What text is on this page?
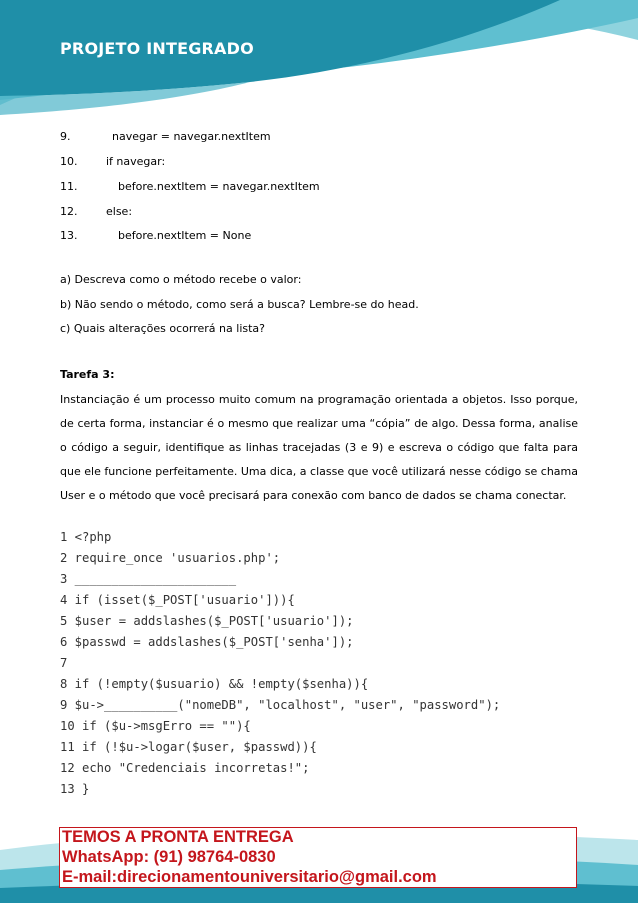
PROJETO INTEGRADO
9.	navegar = navegar.nextItem
10.	if navegar:
11.	before.nextItem = navegar.nextItem
12.	else:
13.	before.nextItem = None
a) Descreva como o método recebe o valor:
b) Não sendo o método, como será a busca? Lembre-se do head.
c) Quais alterações ocorrerá na lista?
Tarefa 3:
Instanciação é um processo muito comum na programação orientada a objetos. Isso porque, de certa forma, instanciar é o mesmo que realizar uma “cópia” de algo. Dessa forma, analise o código a seguir, identifique as linhas tracejadas (3 e 9) e escreva o código que falta para que ele funcione perfeitamente. Uma dica, a classe que você utilizará nesse código se chama User e o método que você precisará para conexão com banco de dados se chama conectar.
1 <?php
2 require_once 'usuarios.php';
3 ______________________
4 if (isset($_POST['usuario'])){
5 $user = addslashes($_POST['usuario']);
6 $passwd = addslashes($_POST['senha']);
7
8 if (!empty($usuario) && !empty($senha)){
9 $u->__________("nomeDB", "localhost", "user", "password");
10 if ($u->msgErro == ""){
11 if (!$u->logar($user, $passwd)){
12 echo "Credenciais incorretas!";
13 }
TEMOS A PRONTA ENTREGA
WhatsApp: (91) 98764-0830
E-mail:direcionamentouniversitario@gmail.com
